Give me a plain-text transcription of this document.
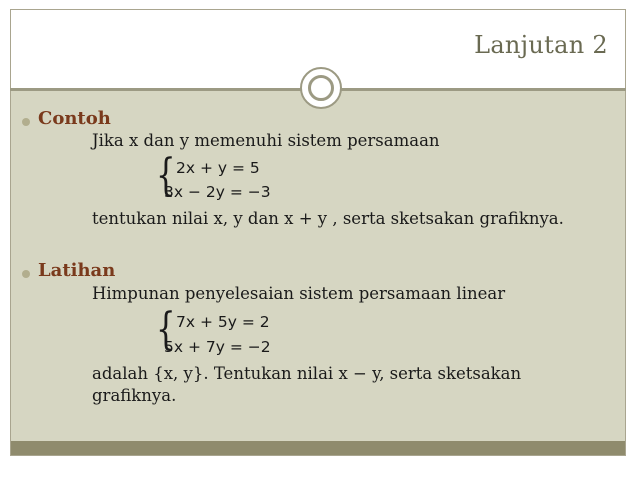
Lanjutan 2
Contoh
Jika x dan y memenuhi sistem persamaan
{ 2x + y = 5
3x − 2y = −3
tentukan nilai x, y dan x + y , serta sketsakan grafiknya.
Latihan
Himpunan penyelesaian sistem persamaan linear
{ 7x + 5y = 2
5x + 7y = −2
adalah {x, y}. Tentukan nilai x − y, serta sketsakan
grafiknya.
